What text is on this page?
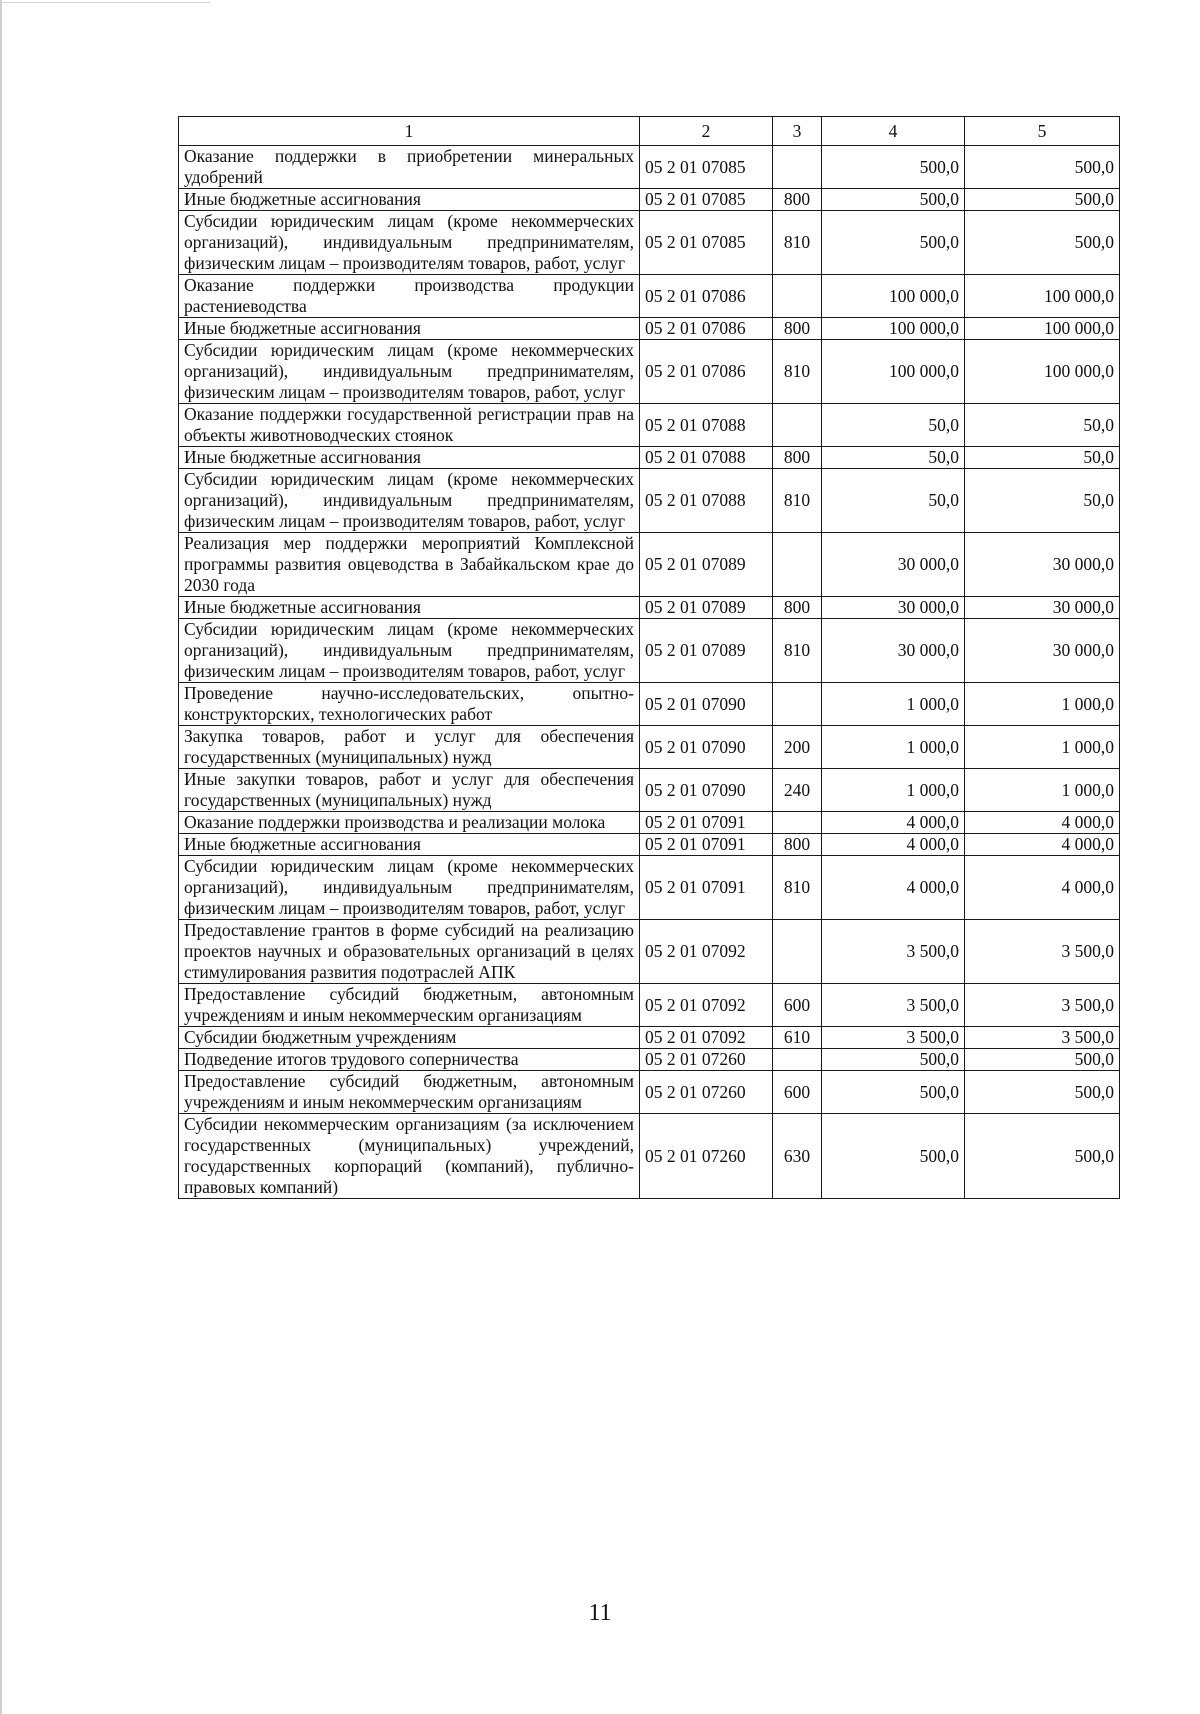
1	2	3	4	5
Оказание поддержки в приобретении минеральных удобрений	05 2 01 07085		500,0	500,0
Иные бюджетные ассигнования	05 2 01 07085	800	500,0	500,0
Субсидии юридическим лицам (кроме некоммерческих организаций), индивидуальным предпринимателям, физическим лицам – производителям товаров, работ, услуг	05 2 01 07085	810	500,0	500,0
Оказание поддержки производства продукции растениеводства	05 2 01 07086		100 000,0	100 000,0
Иные бюджетные ассигнования	05 2 01 07086	800	100 000,0	100 000,0
Субсидии юридическим лицам (кроме некоммерческих организаций), индивидуальным предпринимателям, физическим лицам – производителям товаров, работ, услуг	05 2 01 07086	810	100 000,0	100 000,0
Оказание поддержки государственной регистрации прав на объекты животноводческих стоянок	05 2 01 07088		50,0	50,0
Иные бюджетные ассигнования	05 2 01 07088	800	50,0	50,0
Субсидии юридическим лицам (кроме некоммерческих организаций), индивидуальным предпринимателям, физическим лицам – производителям товаров, работ, услуг	05 2 01 07088	810	50,0	50,0
Реализация мер поддержки мероприятий Комплексной программы развития овцеводства в Забайкальском крае до 2030 года	05 2 01 07089		30 000,0	30 000,0
Иные бюджетные ассигнования	05 2 01 07089	800	30 000,0	30 000,0
Субсидии юридическим лицам (кроме некоммерческих организаций), индивидуальным предпринимателям, физическим лицам – производителям товаров, работ, услуг	05 2 01 07089	810	30 000,0	30 000,0
Проведение научно-исследовательских, опытно-конструкторских, технологических работ	05 2 01 07090		1 000,0	1 000,0
Закупка товаров, работ и услуг для обеспечения государственных (муниципальных) нужд	05 2 01 07090	200	1 000,0	1 000,0
Иные закупки товаров, работ и услуг для обеспечения государственных (муниципальных) нужд	05 2 01 07090	240	1 000,0	1 000,0
Оказание поддержки производства и реализации молока	05 2 01 07091		4 000,0	4 000,0
Иные бюджетные ассигнования	05 2 01 07091	800	4 000,0	4 000,0
Субсидии юридическим лицам (кроме некоммерческих организаций), индивидуальным предпринимателям, физическим лицам – производителям товаров, работ, услуг	05 2 01 07091	810	4 000,0	4 000,0
Предоставление грантов в форме субсидий на реализацию проектов научных и образовательных организаций в целях стимулирования развития подотраслей АПК	05 2 01 07092		3 500,0	3 500,0
Предоставление субсидий бюджетным, автономным учреждениям и иным некоммерческим организациям	05 2 01 07092	600	3 500,0	3 500,0
Субсидии бюджетным учреждениям	05 2 01 07092	610	3 500,0	3 500,0
Подведение итогов трудового соперничества	05 2 01 07260		500,0	500,0
Предоставление субсидий бюджетным, автономным учреждениям и иным некоммерческим организациям	05 2 01 07260	600	500,0	500,0
Субсидии некоммерческим организациям (за исключением государственных (муниципальных) учреждений, государственных корпораций (компаний), публично-правовых компаний)	05 2 01 07260	630	500,0	500,0
11
